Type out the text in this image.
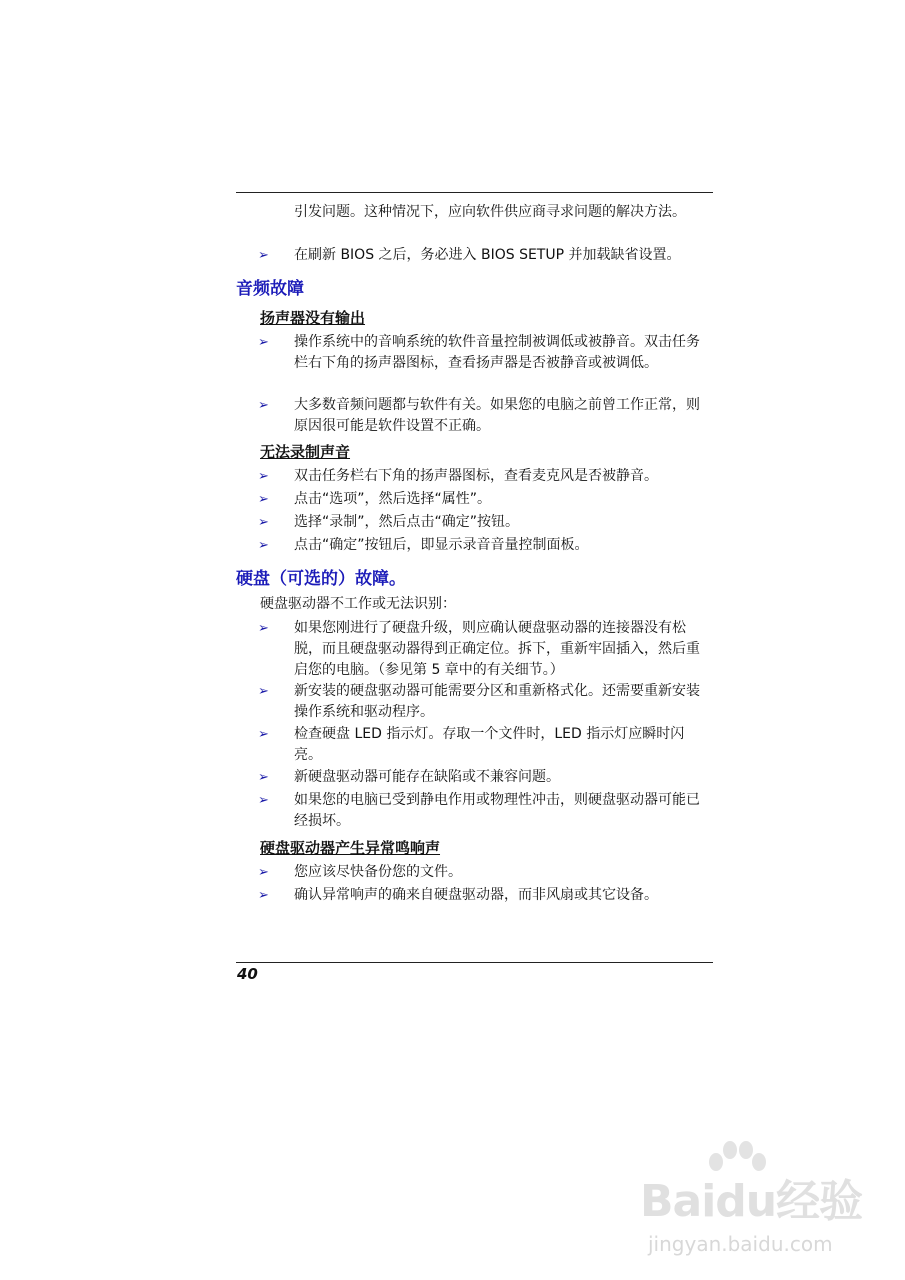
引发问题。这种情况下，应向软件供应商寻求问题的解决方法。
➢ 在刷新 BIOS 之后，务必进入 BIOS SETUP 并加载缺省设置。
音频故障
扬声器没有输出
➢ 操作系统中的音响系统的软件音量控制被调低或被静音。双击任务栏右下角的扬声器图标，查看扬声器是否被静音或被调低。
➢ 大多数音频问题都与软件有关。如果您的电脑之前曾工作正常，则原因很可能是软件设置不正确。
无法录制声音
➢ 双击任务栏右下角的扬声器图标，查看麦克风是否被静音。
➢ 点击“选项”，然后选择“属性”。
➢ 选择“录制”，然后点击“确定”按钮。
➢ 点击“确定”按钮后，即显示录音音量控制面板。
硬盘（可选的）故障。
硬盘驱动器不工作或无法识别：
➢ 如果您刚进行了硬盘升级，则应确认硬盘驱动器的连接器没有松脱，而且硬盘驱动器得到正确定位。拆下，重新牢固插入，然后重启您的电脑。（参见第 5 章中的有关细节。）
➢ 新安装的硬盘驱动器可能需要分区和重新格式化。还需要重新安装操作系统和驱动程序。
➢ 检查硬盘 LED 指示灯。存取一个文件时，LED 指示灯应瞬时闪亮。
➢ 新硬盘驱动器可能存在缺陷或不兼容问题。
➢ 如果您的电脑已受到静电作用或物理性冲击，则硬盘驱动器可能已经损坏。
硬盘驱动器产生异常鸣响声
➢ 您应该尽快备份您的文件。
➢ 确认异常响声的确来自硬盘驱动器，而非风扇或其它设备。
40
Baidu经验
jingyan.baidu.com
